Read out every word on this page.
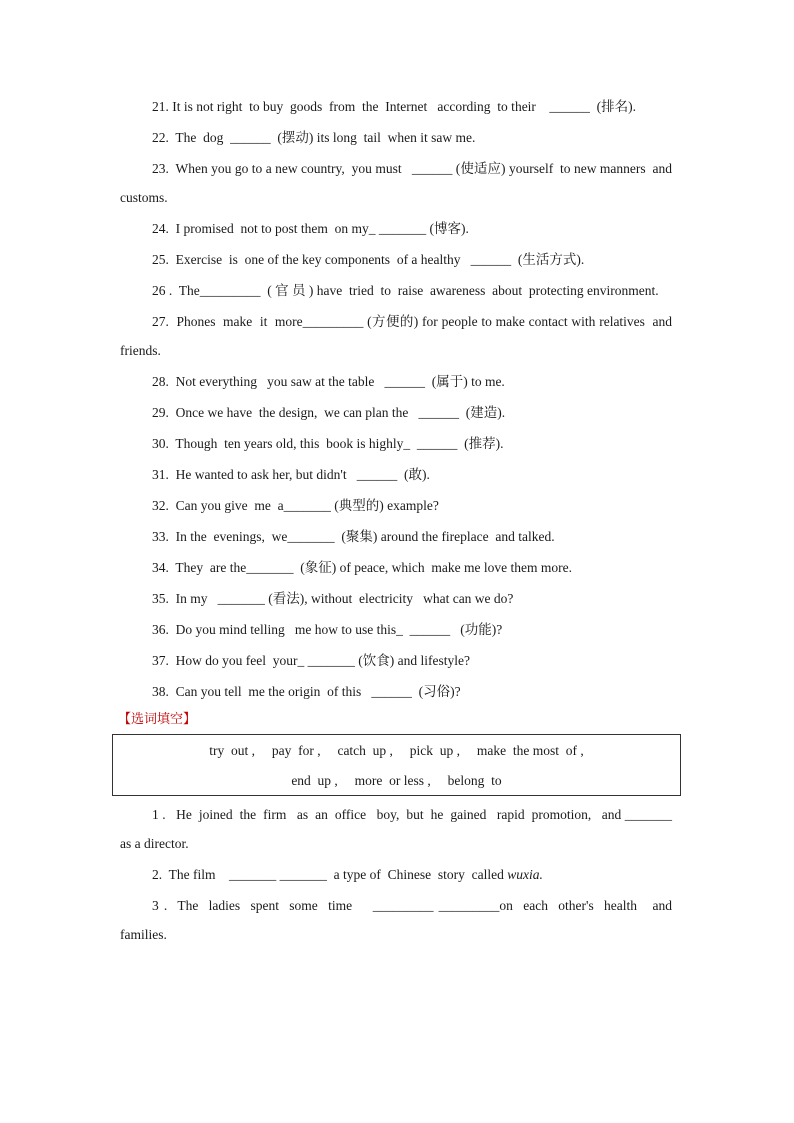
21. It is not right  to buy  goods  from  the  Internet   according  to their    ______  (排名).

22.  The  dog  ______  (摆动) its long  tail  when it saw me.

23.  When you go to a new country,  you must   ______ (使适应) yourself  to new manners  and customs.

24.  I promised  not to post them  on my_ _______ (博客).

25.  Exercise  is  one of the key components  of a healthy   ______  (生活方式).

26 .  The_________  ( 官 员 ) have  tried  to  raise  awareness  about  protecting environment.

27.  Phones  make  it  more_________ (方便的) for people to make contact with relatives  and friends.

28.  Not everything   you saw at the table   ______  (属于) to me.

29.  Once we have  the design,  we can plan the   ______  (建造).

30.  Though  ten years old, this  book is highly_  ______  (推荐).

31.  He wanted to ask her, but didn't   ______  (敢).

32.  Can you give  me  a_______ (典型的) example?

33.  In the  evenings,  we_______  (聚集) around the fireplace  and talked.

34.  They  are the_______  (象征) of peace, which  make me love them more.

35.  In my   _______ (看法), without  electricity   what can we do?

36.  Do you mind telling   me how to use this_  ______   (功能)?

37.  How do you feel  your_ _______ (饮食) and lifestyle?

38.  Can you tell  me the origin  of this   ______  (习俗)?

【选词填空】
try  out ,     pay  for ,     catch  up ,     pick  up ,     make  the most  of ,
end  up ,     more  or less ,     belong  to

1 .   He  joined  the  firm   as  an  office   boy,  but  he  gained   rapid  promotion,   and _______  as a director.

2.  The film    _______ _______  a type of  Chinese  story  called wuxia.

3 .  The  ladies  spent  some  time    _________ _________on  each  other's  health   and families.
